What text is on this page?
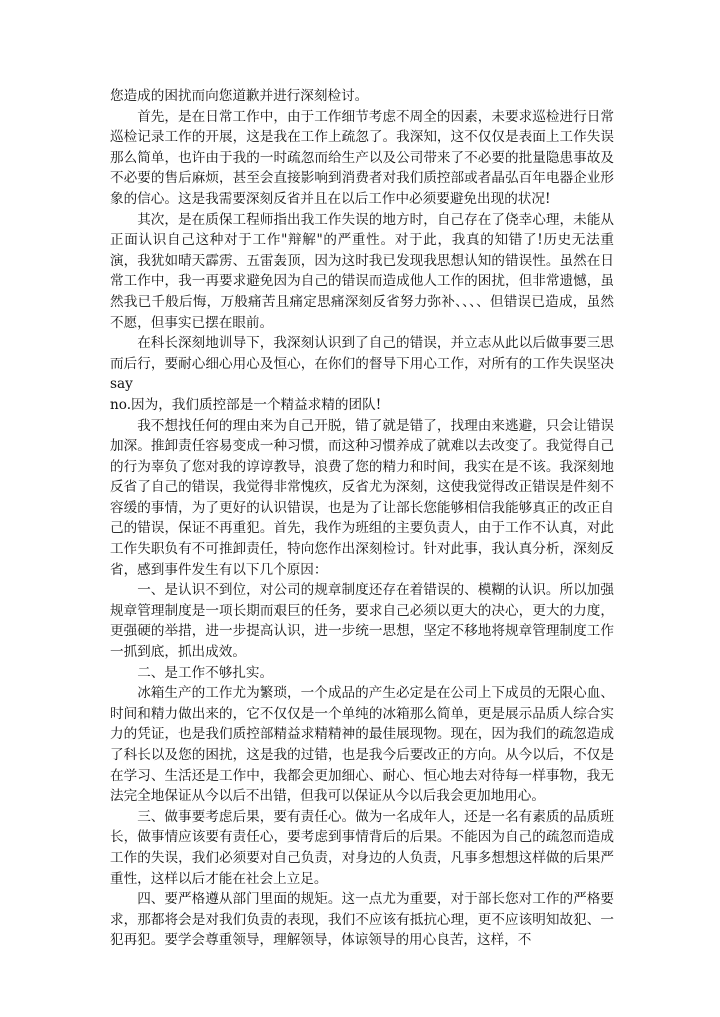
您造成的困扰而向您道歉并进行深刻检讨。

首先，是在日常工作中，由于工作细节考虑不周全的因素，未要求巡检进行日常巡检记录工作的开展，这是我在工作上疏忽了。我深知，这不仅仅是表面上工作失误那么简单，也许由于我的一时疏忽而给生产以及公司带来了不必要的批量隐患事故及不必要的售后麻烦，甚至会直接影响到消费者对我们质控部或者晶弘百年电器企业形象的信心。这是我需要深刻反省并且在以后工作中必须要避免出现的状况!

其次，是在质保工程师指出我工作失误的地方时，自己存在了侥幸心理，未能从正面认识自己这种对于工作"辩解"的严重性。对于此，我真的知错了!历史无法重演，我犹如晴天霹雳、五雷轰顶，因为这时我已发现我思想认知的错误性。虽然在日常工作中，我一再要求避免因为自己的错误而造成他人工作的困扰，但非常遗憾，虽然我已千般后悔，万般痛苦且痛定思痛深刻反省努力弥补、、、、但错误已造成，虽然不愿，但事实已摆在眼前。

在科长深刻地训导下，我深刻认识到了自己的错误，并立志从此以后做事要三思而后行，要耐心细心用心及恒心，在你们的督导下用心工作，对所有的工作失误坚决 say

no.因为，我们质控部是一个精益求精的团队!

我不想找任何的理由来为自己开脱，错了就是错了，找理由来逃避，只会让错误加深。推卸责任容易变成一种习惯，而这种习惯养成了就难以去改变了。我觉得自己的行为辜负了您对我的谆谆教导，浪费了您的精力和时间，我实在是不该。我深刻地反省了自己的错误，我觉得非常愧疚，反省尤为深刻，这使我觉得改正错误是件刻不容缓的事情，为了更好的认识错误，也是为了让部长您能够相信我能够真正的改正自己的错误，保证不再重犯。首先，我作为班组的主要负责人，由于工作不认真，对此工作失职负有不可推卸责任，特向您作出深刻检讨。针对此事，我认真分析，深刻反省，感到事件发生有以下几个原因：

一、是认识不到位，对公司的规章制度还存在着错误的、模糊的认识。所以加强规章管理制度是一项长期而艰巨的任务，要求自己必须以更大的决心，更大的力度，更强硬的举措，进一步提高认识，进一步统一思想，坚定不移地将规章管理制度工作一抓到底，抓出成效。

二、是工作不够扎实。

冰箱生产的工作尤为繁琐，一个成品的产生必定是在公司上下成员的无限心血、时间和精力做出来的，它不仅仅是一个单纯的冰箱那么简单，更是展示品质人综合实力的凭证，也是我们质控部精益求精精神的最佳展现物。现在，因为我们的疏忽造成了科长以及您的困扰，这是我的过错，也是我今后要改正的方向。从今以后，不仅是在学习、生活还是工作中，我都会更加细心、耐心、恒心地去对待每一样事物，我无法完全地保证从今以后不出错，但我可以保证从今以后我会更加地用心。

三、做事要考虑后果，要有责任心。做为一名成年人，还是一名有素质的品质班长，做事情应该要有责任心，要考虑到事情背后的后果。不能因为自己的疏忽而造成工作的失误，我们必须要对自己负责，对身边的人负责，凡事多想想这样做的后果严重性，这样以后才能在社会上立足。

四、要严格遵从部门里面的规矩。这一点尤为重要，对于部长您对工作的严格要求，那都将会是对我们负责的表现，我们不应该有抵抗心理，更不应该明知故犯、一犯再犯。要学会尊重领导，理解领导，体谅领导的用心良苦，这样，不
